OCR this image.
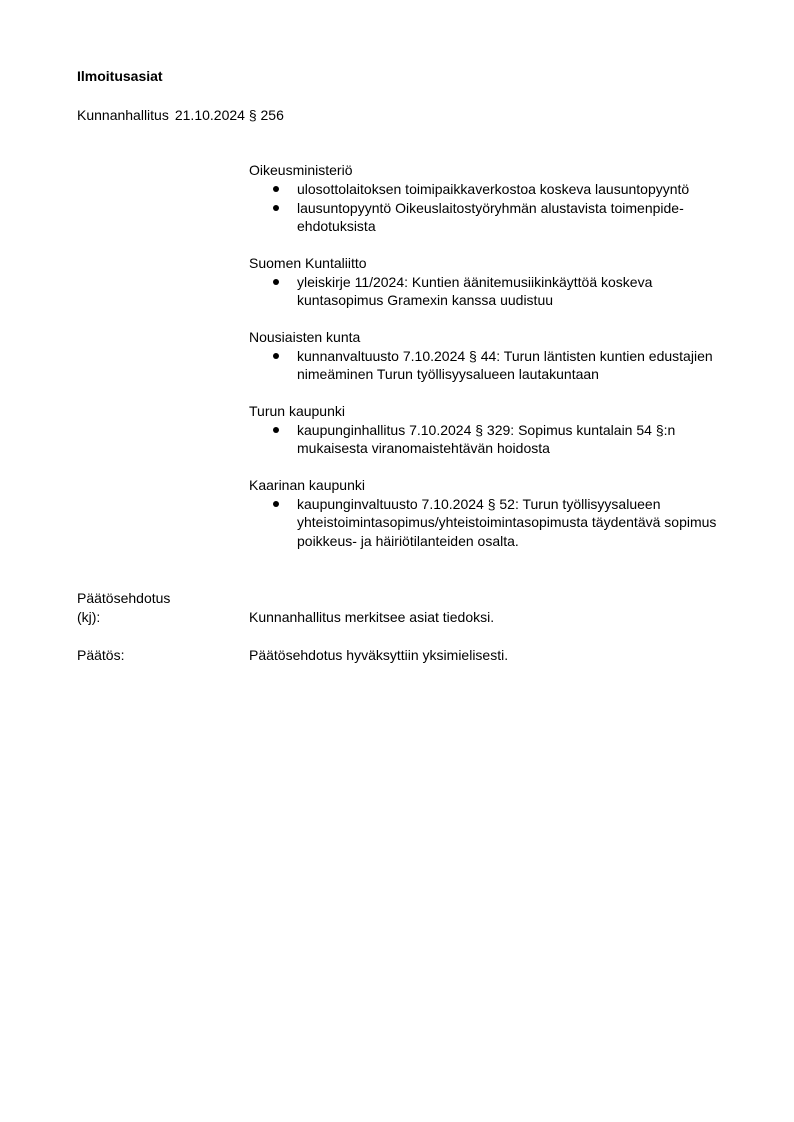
Ilmoitusasiat
Kunnanhallitus 21.10.2024 § 256
Oikeusministeriö
ulosottolaitoksen toimipaikkaverkostoa koskeva lausuntopyyntö
lausuntopyyntö Oikeuslaitostyöryhmän alustavista toimenpide-ehdotuksista
Suomen Kuntaliitto
yleiskirje 11/2024: Kuntien äänitemusiikinkäyttöä koskeva kuntasopimus Gramexin kanssa uudistuu
Nousiaisten kunta
kunnanvaltuusto 7.10.2024 § 44: Turun läntisten kuntien edustajien nimeäminen Turun työllisyysalueen lautakuntaan
Turun kaupunki
kaupunginhallitus 7.10.2024 § 329: Sopimus kuntalain 54 §:n mukaisesta viranomaistehtävän hoidosta
Kaarinan kaupunki
kaupunginvaltuusto 7.10.2024 § 52: Turun työllisyysalueen yhteistoimintasopimus/yhteistoimintasopimusta täydentävä sopimus poikkeus- ja häiriötilanteiden osalta.
Päätösehdotus
(kj):	Kunnanhallitus merkitsee asiat tiedoksi.
Päätös:	Päätösehdotus hyväksyttiin yksimielisesti.
